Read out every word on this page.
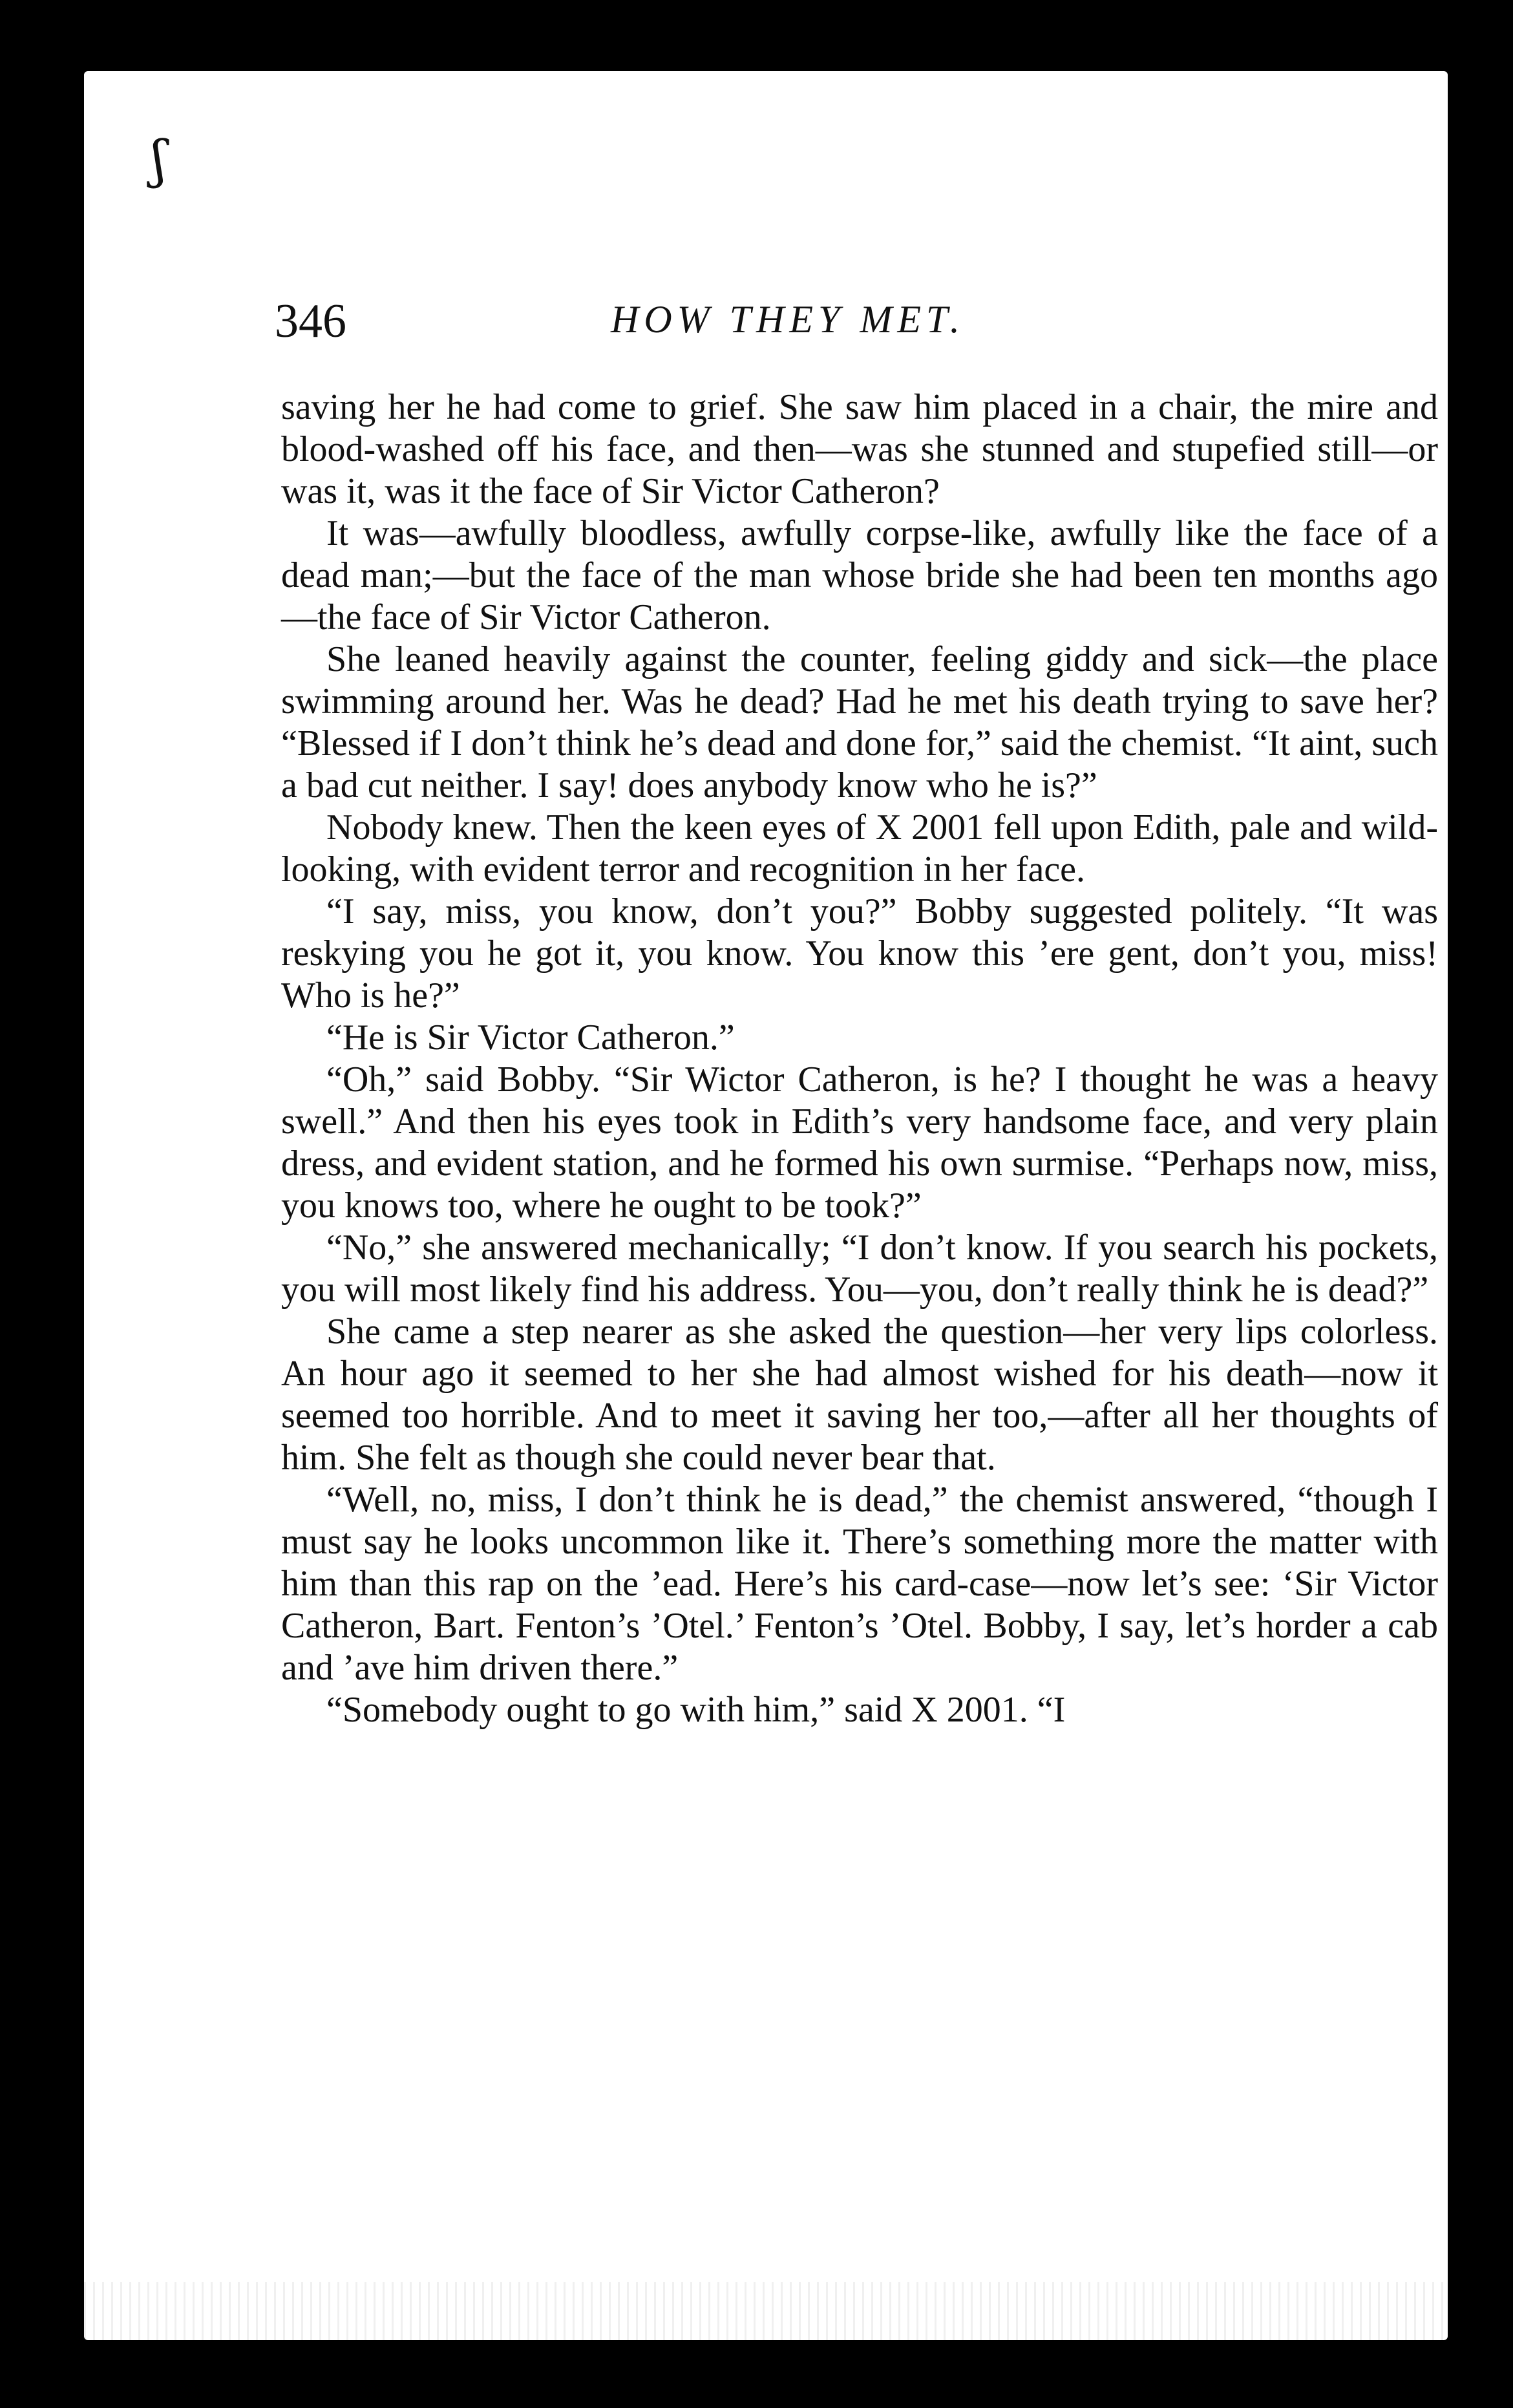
ʃ
346	HOW THEY MET.

saving her he had come to grief. She saw him placed in a chair, the mire and blood-washed off his face, and then—was she stunned and stupefied still—or was it, was it the face of Sir Victor Catheron?

It was—awfully bloodless, awfully corpse-like, awfully like the face of a dead man;—but the face of the man whose bride she had been ten months ago—the face of Sir Victor Catheron.

She leaned heavily against the counter, feeling giddy and sick—the place swimming around her. Was he dead? Had he met his death trying to save her? “Blessed if I don’t think he’s dead and done for,” said the chemist. “It aint, such a bad cut neither. I say! does anybody know who he is?”

Nobody knew. Then the keen eyes of X 2001 fell upon Edith, pale and wild-looking, with evident terror and recognition in her face.

“I say, miss, you know, don’t you?” Bobby suggested politely. “It was reskying you he got it, you know. You know this ’ere gent, don’t you, miss! Who is he?”

“He is Sir Victor Catheron.”

“Oh,” said Bobby. “Sir Wictor Catheron, is he? I thought he was a heavy swell.” And then his eyes took in Edith’s very handsome face, and very plain dress, and evident station, and he formed his own surmise. “Perhaps now, miss, you knows too, where he ought to be took?”

“No,” she answered mechanically; “I don’t know. If you search his pockets, you will most likely find his address. You—you, don’t really think he is dead?”

She came a step nearer as she asked the question—her very lips colorless. An hour ago it seemed to her she had almost wished for his death—now it seemed too horrible. And to meet it saving her too,—after all her thoughts of him. She felt as though she could never bear that.

“Well, no, miss, I don’t think he is dead,” the chemist answered, “though I must say he looks uncommon like it. There’s something more the matter with him than this rap on the ’ead. Here’s his card-case—now let’s see: ‘Sir Victor Catheron, Bart. Fenton’s ’Otel.’ Fenton’s ’Otel. Bobby, I say, let’s horder a cab and ’ave him driven there.”

“Somebody ought to go with him,” said X 2001. “I
